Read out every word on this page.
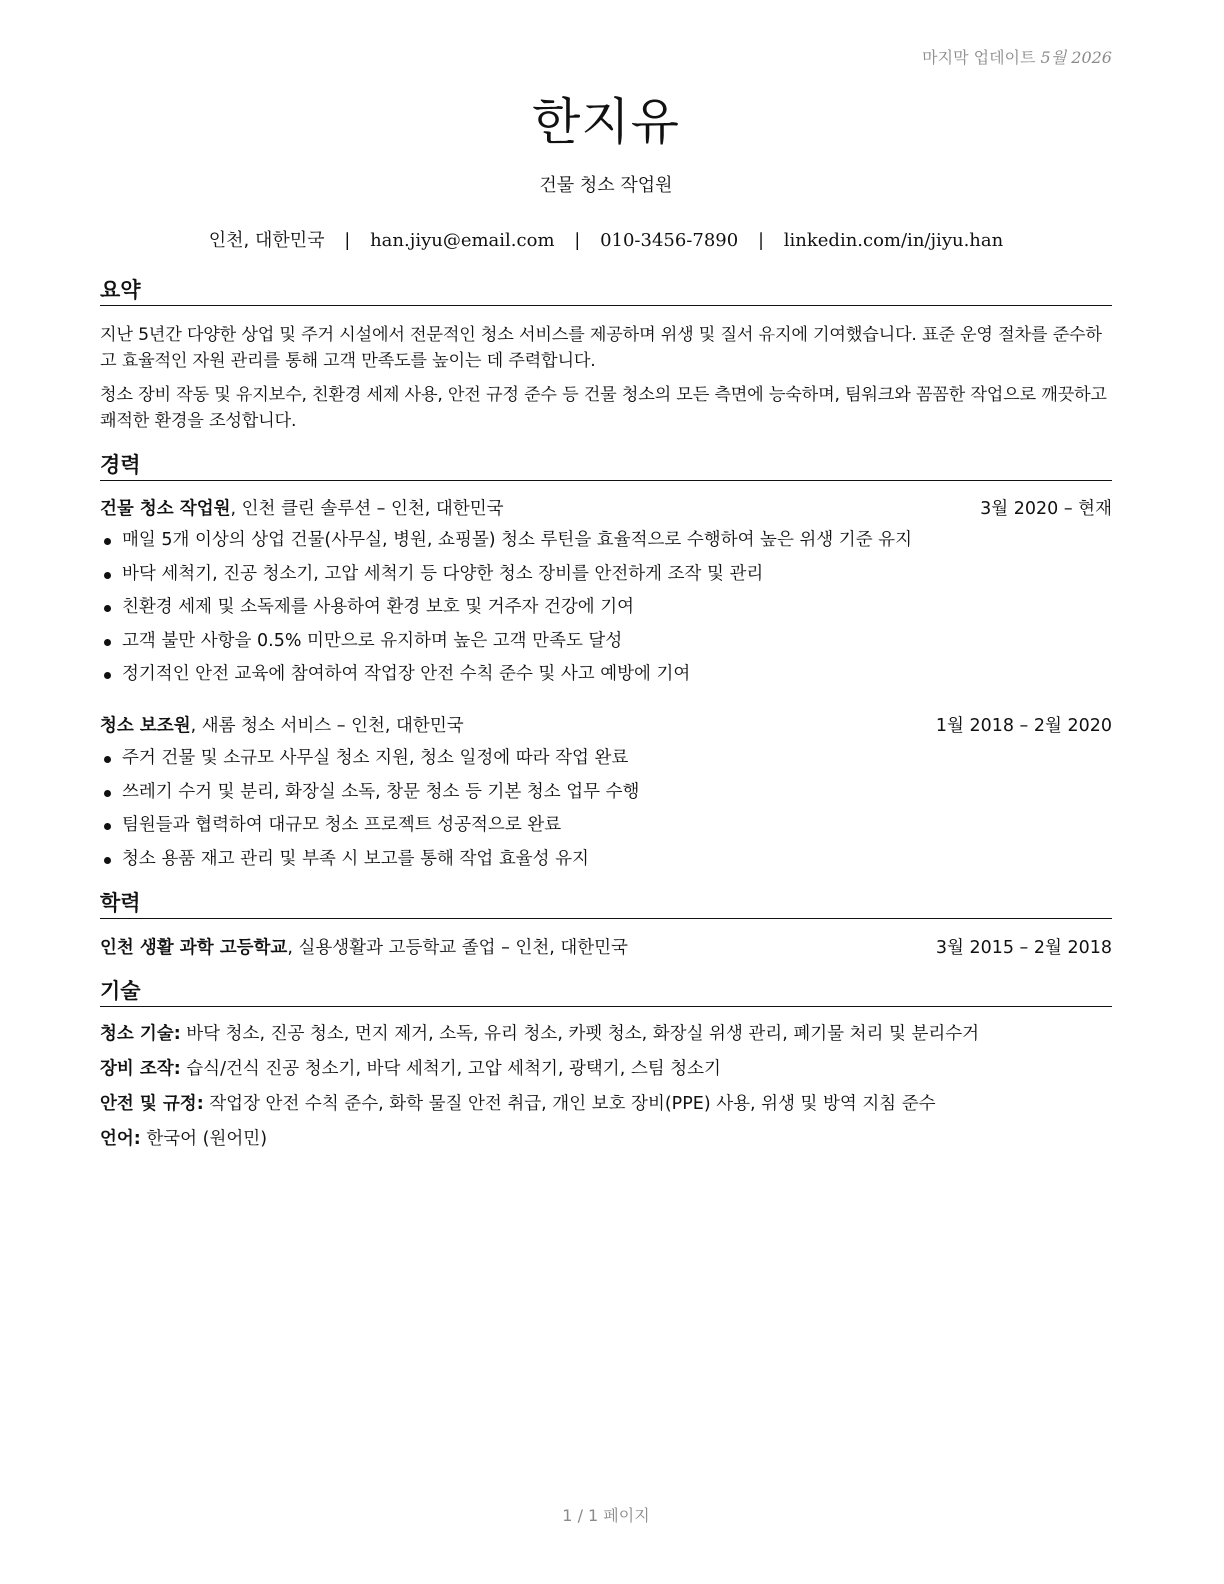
마지막 업데이트 5월 2026
한지유
건물 청소 작업원
인천, 대한민국 | han.jiyu@email.com | 010-3456-7890 | linkedin.com/in/jiyu.han
요약
지난 5년간 다양한 상업 및 주거 시설에서 전문적인 청소 서비스를 제공하며 위생 및 질서 유지에 기여했습니다. 표준 운영 절차를 준수하고 효율적인 자원 관리를 통해 고객 만족도를 높이는 데 주력합니다.
청소 장비 작동 및 유지보수, 친환경 세제 사용, 안전 규정 준수 등 건물 청소의 모든 측면에 능숙하며, 팀워크와 꼼꼼한 작업으로 깨끗하고 쾌적한 환경을 조성합니다.
경력
건물 청소 작업원, 인천 클린 솔루션 – 인천, 대한민국	3월 2020 – 현재
매일 5개 이상의 상업 건물(사무실, 병원, 쇼핑몰) 청소 루틴을 효율적으로 수행하여 높은 위생 기준 유지
바닥 세척기, 진공 청소기, 고압 세척기 등 다양한 청소 장비를 안전하게 조작 및 관리
친환경 세제 및 소독제를 사용하여 환경 보호 및 거주자 건강에 기여
고객 불만 사항을 0.5% 미만으로 유지하며 높은 고객 만족도 달성
정기적인 안전 교육에 참여하여 작업장 안전 수칙 준수 및 사고 예방에 기여
청소 보조원, 새롬 청소 서비스 – 인천, 대한민국	1월 2018 – 2월 2020
주거 건물 및 소규모 사무실 청소 지원, 청소 일정에 따라 작업 완료
쓰레기 수거 및 분리, 화장실 소독, 창문 청소 등 기본 청소 업무 수행
팀원들과 협력하여 대규모 청소 프로젝트 성공적으로 완료
청소 용품 재고 관리 및 부족 시 보고를 통해 작업 효율성 유지
학력
인천 생활 과학 고등학교, 실용생활과 고등학교 졸업 – 인천, 대한민국	3월 2015 – 2월 2018
기술
청소 기술: 바닥 청소, 진공 청소, 먼지 제거, 소독, 유리 청소, 카펫 청소, 화장실 위생 관리, 폐기물 처리 및 분리수거
장비 조작: 습식/건식 진공 청소기, 바닥 세척기, 고압 세척기, 광택기, 스팀 청소기
안전 및 규정: 작업장 안전 수칙 준수, 화학 물질 안전 취급, 개인 보호 장비(PPE) 사용, 위생 및 방역 지침 준수
언어: 한국어 (원어민)
1 / 1 페이지
